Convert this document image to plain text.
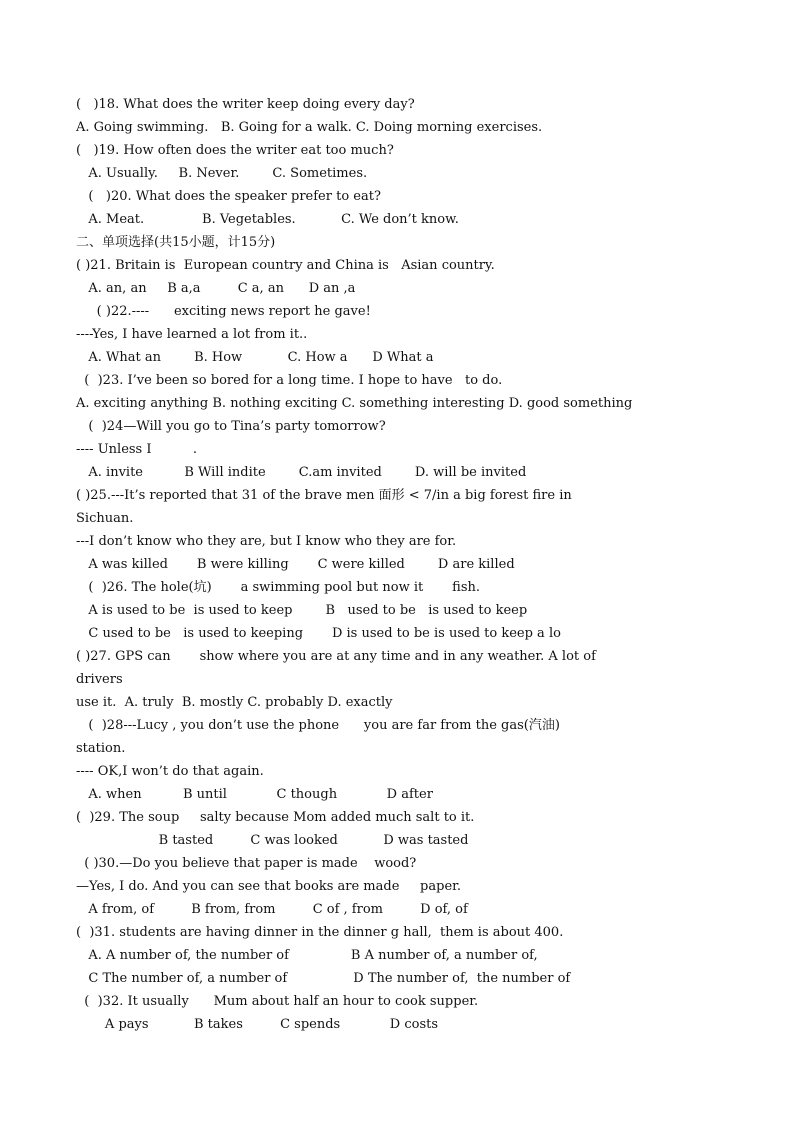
(   )18. What does the writer keep doing every day?
A. Going swimming.   B. Going for a walk. C. Doing morning exercises.
(   )19. How often does the writer eat too much?
A. Usually.     B. Never.        C. Sometimes.
(   )20. What does the speaker prefer to eat?
A. Meat.              B. Vegetables.           C. We don’t know.
二、单项选择(共15小题，计15分)
( )21. Britain is  European country and China is   Asian country.
A. an, an     B a,a         C a, an      D an ,a
( )22.----      exciting news report he gave!
----Yes, I have learned a lot from it..
A. What an        B. How           C. How a      D What a
(  )23. I’ve been so bored for a long time. I hope to have   to do.
A. exciting anything B. nothing exciting C. something interesting D. good something
(  )24—Will you go to Tina’s party tomorrow?
---- Unless I          .
A. invite          B Will indite        C.am invited        D. will be invited
( )25.---It’s reported that 31 of the brave men 面形 < 7/in a big forest fire in
Sichuan.
---I don’t know who they are, but I know who they are for.
A was killed       B were killing       C were killed        D are killed
(  )26. The hole(坑)       a swimming pool but now it       fish.
A is used to be  is used to keep        B   used to be   is used to keep
C used to be   is used to keeping       D is used to be is used to keep a lo
( )27. GPS can       show where you are at any time and in any weather. A lot of
drivers
use it.  A. truly  B. mostly C. probably D. exactly
(  )28---Lucy , you don’t use the phone      you are far from the gas(汽油)
station.
---- OK,I won’t do that again.
A. when          B until            C though            D after
(  )29. The soup     salty because Mom added much salt to it.
B tasted         C was looked           D was tasted
( )30.—Do you believe that paper is made    wood?
—Yes, I do. And you can see that books are made     paper.
A from, of         B from, from         C of , from         D of, of
(  )31. students are having dinner in the dinner g hall,  them is about 400.
A. A number of, the number of               B A number of, a number of,
C The number of, a number of                D The number of,  the number of
(  )32. It usually      Mum about half an hour to cook supper.
A pays           B takes         C spends            D costs
